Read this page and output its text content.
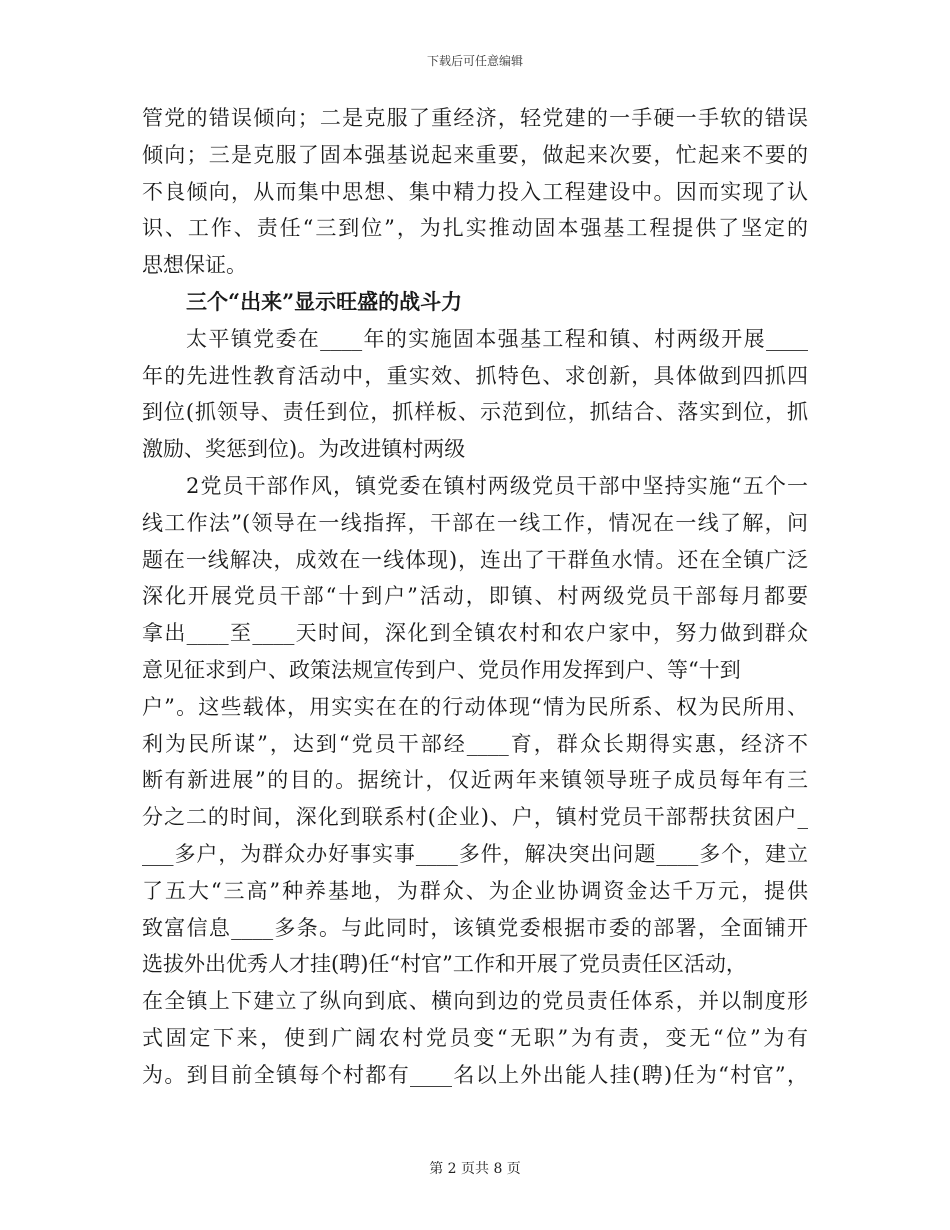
下载后可任意编辑
管党的错误倾向；二是克服了重经济，轻党建的一手硬一手软的错误
倾向；三是克服了固本强基说起来重要，做起来次要，忙起来不要的
不良倾向，从而集中思想、集中精力投入工程建设中。因而实现了认
识、工作、责任“三到位”，为扎实推动固本强基工程提供了坚定的
思想保证。
三个“出来”显示旺盛的战斗力
太平镇党委在____年的实施固本强基工程和镇、村两级开展____
年的先进性教育活动中，重实效、抓特色、求创新，具体做到四抓四
到位(抓领导、责任到位，抓样板、示范到位，抓结合、落实到位，抓
激励、奖惩到位)。为改进镇村两级
2党员干部作风，镇党委在镇村两级党员干部中坚持实施“五个一
线工作法”(领导在一线指挥，干部在一线工作，情况在一线了解，问
题在一线解决，成效在一线体现)，连出了干群鱼水情。还在全镇广泛
深化开展党员干部“十到户”活动，即镇、村两级党员干部每月都要
拿出____至____天时间，深化到全镇农村和农户家中，努力做到群众
意见征求到户、政策法规宣传到户、党员作用发挥到户、等“十到
户”。这些载体，用实实在在的行动体现“情为民所系、权为民所用、
利为民所谋”，达到“党员干部经____育，群众长期得实惠，经济不
断有新进展”的目的。据统计，仅近两年来镇领导班子成员每年有三
分之二的时间，深化到联系村(企业)、户，镇村党员干部帮扶贫困户_
___多户，为群众办好事实事____多件，解决突出问题____多个，建立
了五大“三高”种养基地，为群众、为企业协调资金达千万元，提供
致富信息____多条。与此同时，该镇党委根据市委的部署，全面铺开
选拔外出优秀人才挂(聘)任“村官”工作和开展了党员责任区活动，
在全镇上下建立了纵向到底、横向到边的党员责任体系，并以制度形
式固定下来，使到广阔农村党员变“无职”为有责，变无“位”为有
为。到目前全镇每个村都有____名以上外出能人挂(聘)任为“村官”，
第 2 页共 8 页
